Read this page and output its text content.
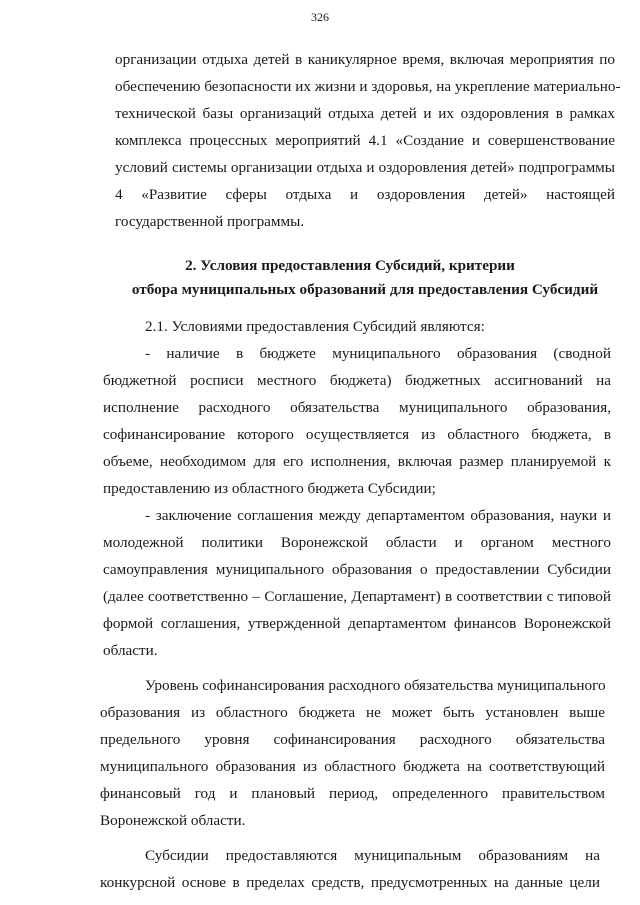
326
организации отдыха детей в каникулярное время, включая мероприятия по
обеспечению безопасности их жизни и здоровья, на укрепление материально-
технической базы организаций отдыха детей и их оздоровления в рамках
комплекса процессных мероприятий 4.1 «Создание и совершенствование
условий системы организации отдыха и оздоровления детей» подпрограммы
4 «Развитие сферы отдыха и оздоровления детей» настоящей
государственной программы.
2. Условия предоставления Субсидий, критерии
отбора муниципальных образований для предоставления Субсидий
2.1. Условиями предоставления Субсидий являются:
- наличие в бюджете муниципального образования (сводной
бюджетной росписи местного бюджета) бюджетных ассигнований на
исполнение расходного обязательства муниципального образования,
софинансирование которого осуществляется из областного бюджета, в
объеме, необходимом для его исполнения, включая размер планируемой к
предоставлению из областного бюджета Субсидии;
- заключение соглашения между департаментом образования, науки и
молодежной политики Воронежской области и органом местного
самоуправления муниципального образования о предоставлении Субсидии
(далее соответственно – Соглашение, Департамент) в соответствии с типовой
формой соглашения, утвержденной департаментом финансов Воронежской
области.
Уровень софинансирования расходного обязательства муниципального
образования из областного бюджета не может быть установлен выше
предельного уровня софинансирования расходного обязательства
муниципального образования из областного бюджета на соответствующий
финансовый год и плановый период, определенного правительством
Воронежской области.
Субсидии предоставляются муниципальным образованиям на
конкурсной основе в пределах средств, предусмотренных на данные цели
